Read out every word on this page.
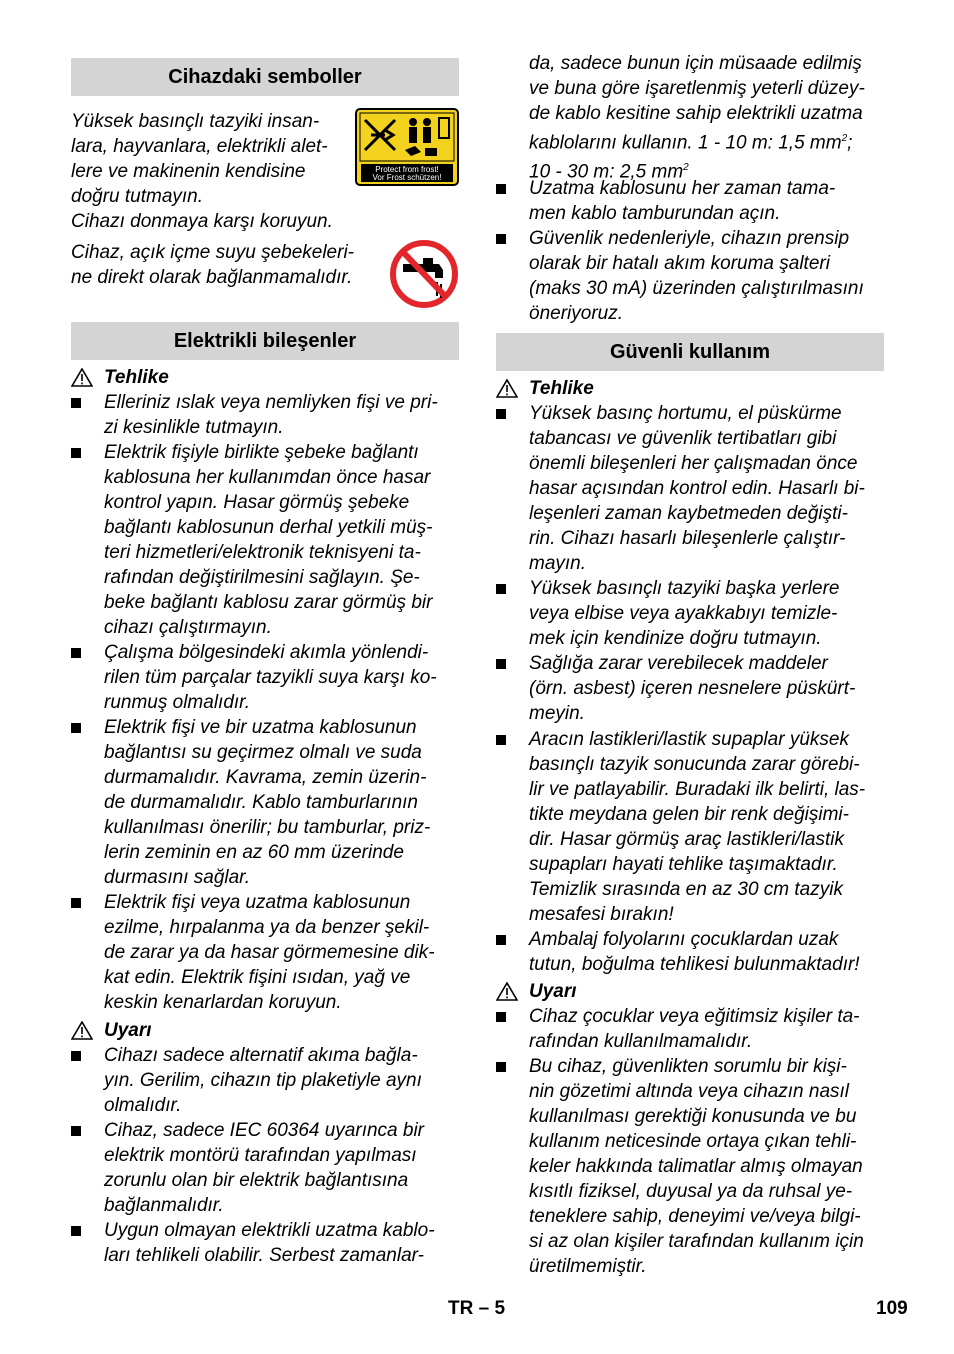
Cihazdaki semboller
Yüksek basınçlı tazyiki insan-
lara, hayvanlara, elektrikli alet-
lere ve makinenin kendisine
doğru tutmayın.
Cihazı donmaya karşı koruyun.
Protect from frost!
Vor Frost schützen!
Cihaz, açık içme suyu şebekeleri-
ne direkt olarak bağlanmamalıdır.
Elektrikli bileşenler
Tehlike
Elleriniz ıslak veya nemliyken fişi ve pri-
zi kesinlikle tutmayın.
Elektrik fişiyle birlikte şebeke bağlantı
kablosuna her kullanımdan önce hasar
kontrol yapın. Hasar görmüş şebeke
bağlantı kablosunun derhal yetkili müş-
teri hizmetleri/elektronik teknisyeni ta-
rafından değiştirilmesini sağlayın. Şe-
beke bağlantı kablosu zarar görmüş bir
cihazı çalıştırmayın.
Çalışma bölgesindeki akımla yönlendi-
rilen tüm parçalar tazyikli suya karşı ko-
runmuş olmalıdır.
Elektrik fişi ve bir uzatma kablosunun
bağlantısı su geçirmez olmalı ve suda
durmamalıdır. Kavrama, zemin üzerin-
de durmamalıdır. Kablo tamburlarının
kullanılması önerilir; bu tamburlar, priz-
lerin zeminin en az 60 mm üzerinde
durmasını sağlar.
Elektrik fişi veya uzatma kablosunun
ezilme, hırpalanma ya da benzer şekil-
de zarar ya da hasar görmemesine dik-
kat edin. Elektrik fişini ısıdan, yağ ve
keskin kenarlardan koruyun.
Uyarı
Cihazı sadece alternatif akıma bağla-
yın. Gerilim, cihazın tip plaketiyle aynı
olmalıdır.
Cihaz, sadece IEC 60364 uyarınca bir
elektrik montörü tarafından yapılması
zorunlu olan bir elektrik bağlantısına
bağlanmalıdır.
Uygun olmayan elektrikli uzatma kablo-
ları tehlikeli olabilir. Serbest zamanlar-
da, sadece bunun için müsaade edilmiş
ve buna göre işaretlenmiş yeterli düzey-
de kablo kesitine sahip elektrikli uzatma
kablolarını kullanın. 1 - 10 m: 1,5 $mm^2$;
10 - 30 m: 2,5 $mm^2$
Uzatma kablosunu her zaman tama-
men kablo tamburundan açın.
Güvenlik nedenleriyle, cihazın prensip
olarak bir hatalı akım koruma şalteri
(maks 30 mA) üzerinden çalıştırılmasını
öneriyoruz.
Güvenli kullanım
Tehlike
Yüksek basınç hortumu, el püskürme
tabancası ve güvenlik tertibatları gibi
önemli bileşenleri her çalışmadan önce
hasar açısından kontrol edin. Hasarlı bi-
leşenleri zaman kaybetmeden değişti-
rin. Cihazı hasarlı bileşenlerle çalıştır-
mayın.
Yüksek basınçlı tazyiki başka yerlere
veya elbise veya ayakkabıyı temizle-
mek için kendinize doğru tutmayın.
Sağlığa zarar verebilecek maddeler
(örn. asbest) içeren nesnelere püskürt-
meyin.
Aracın lastikleri/lastik supaplar yüksek
basınçlı tazyik sonucunda zarar görebi-
lir ve patlayabilir. Buradaki ilk belirti, las-
tikte meydana gelen bir renk değişimi-
dir. Hasar görmüş araç lastikleri/lastik
supapları hayati tehlike taşımaktadır.
Temizlik sırasında en az 30 cm tazyik
mesafesi bırakın!
Ambalaj folyolarını çocuklardan uzak
tutun, boğulma tehlikesi bulunmaktadır!
Uyarı
Cihaz çocuklar veya eğitimsiz kişiler ta-
rafından kullanılmamalıdır.
Bu cihaz, güvenlikten sorumlu bir kişi-
nin gözetimi altında veya cihazın nasıl
kullanılması gerektiği konusunda ve bu
kullanım neticesinde ortaya çıkan tehli-
keler hakkında talimatlar almış olmayan
kısıtlı fiziksel, duyusal ya da ruhsal ye-
teneklere sahip, deneyimi ve/veya bilgi-
si az olan kişiler tarafından kullanım için
üretilmemiştir.
TR – 5	109
